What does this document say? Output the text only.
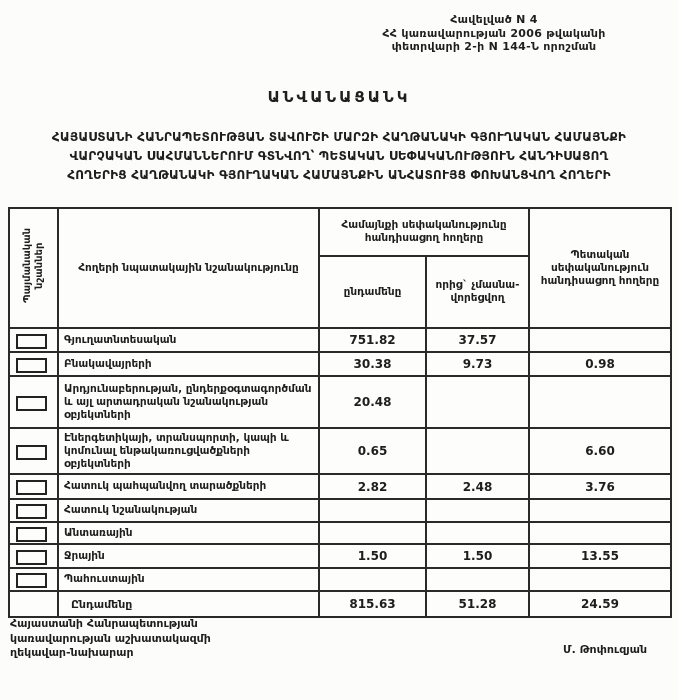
Հավելված N 4
ՀՀ կառավարության 2006 թվականի
փետրվարի 2-ի N 144-Ն որոշման
ԱՆՎԱՆԱՑԱՆԿ
ՀԱՅԱՍՏԱՆԻ ՀԱՆՐԱՊԵՏՈՒԹՅԱՆ ՏԱՎՈՒՇԻ ՄԱՐԶԻ ՀԱՂԹԱՆԱԿԻ ԳՅՈՒՂԱԿԱՆ ՀԱՄԱՅՆՔԻ
ՎԱՐՉԱԿԱՆ ՍԱՀՄԱՆՆԵՐՈՒՄ ԳՏՆՎՈՂ՝ ՊԵՏԱԿԱՆ ՍԵՓԱԿԱՆՈՒԹՅՈՒՆ ՀԱՆԴԻՍԱՑՈՂ
ՀՈՂԵՐԻՑ ՀԱՂԹԱՆԱԿԻ ԳՅՈՒՂԱԿԱՆ ՀԱՄԱՅՆՔԻՆ ԱՆՀԱՏՈՒՅՑ ՓՈԽԱՆՑՎՈՂ ՀՈՂԵՐԻ
Պայմանական նշաններ	Հողերի նպատակային նշանակությունը	Համայնքի սեփականությունը հանդիսացող հողերը		Պետական սեփականություն հանդիսացող հողերը
		ընդամենը	որից` չմասնավորեցվող	
	Գյուղատնտեսական	751.82	37.57	
	Բնակավայրերի	30.38	9.73	0.98
	Արդյունաբերության, ընդերքօգտագործման և այլ արտադրական նշանակության օբյեկտների	20.48		
	Էներգետիկայի, տրանսպորտի, կապի և կոմունալ ենթակառուցվածքների օբյեկտների	0.65		6.60
	Հատուկ պահպանվող տարածքների	2.82	2.48	3.76
	Հատուկ նշանակության			
	Անտառային			
	Ջրային	1.50	1.50	13.55
	Պահուստային			
	Ընդամենը	815.63	51.28	24.59
Հայաստանի Հանրապետության
կառավարության աշխատակազմի
ղեկավար-նախարար	Մ. Թոփուզյան
